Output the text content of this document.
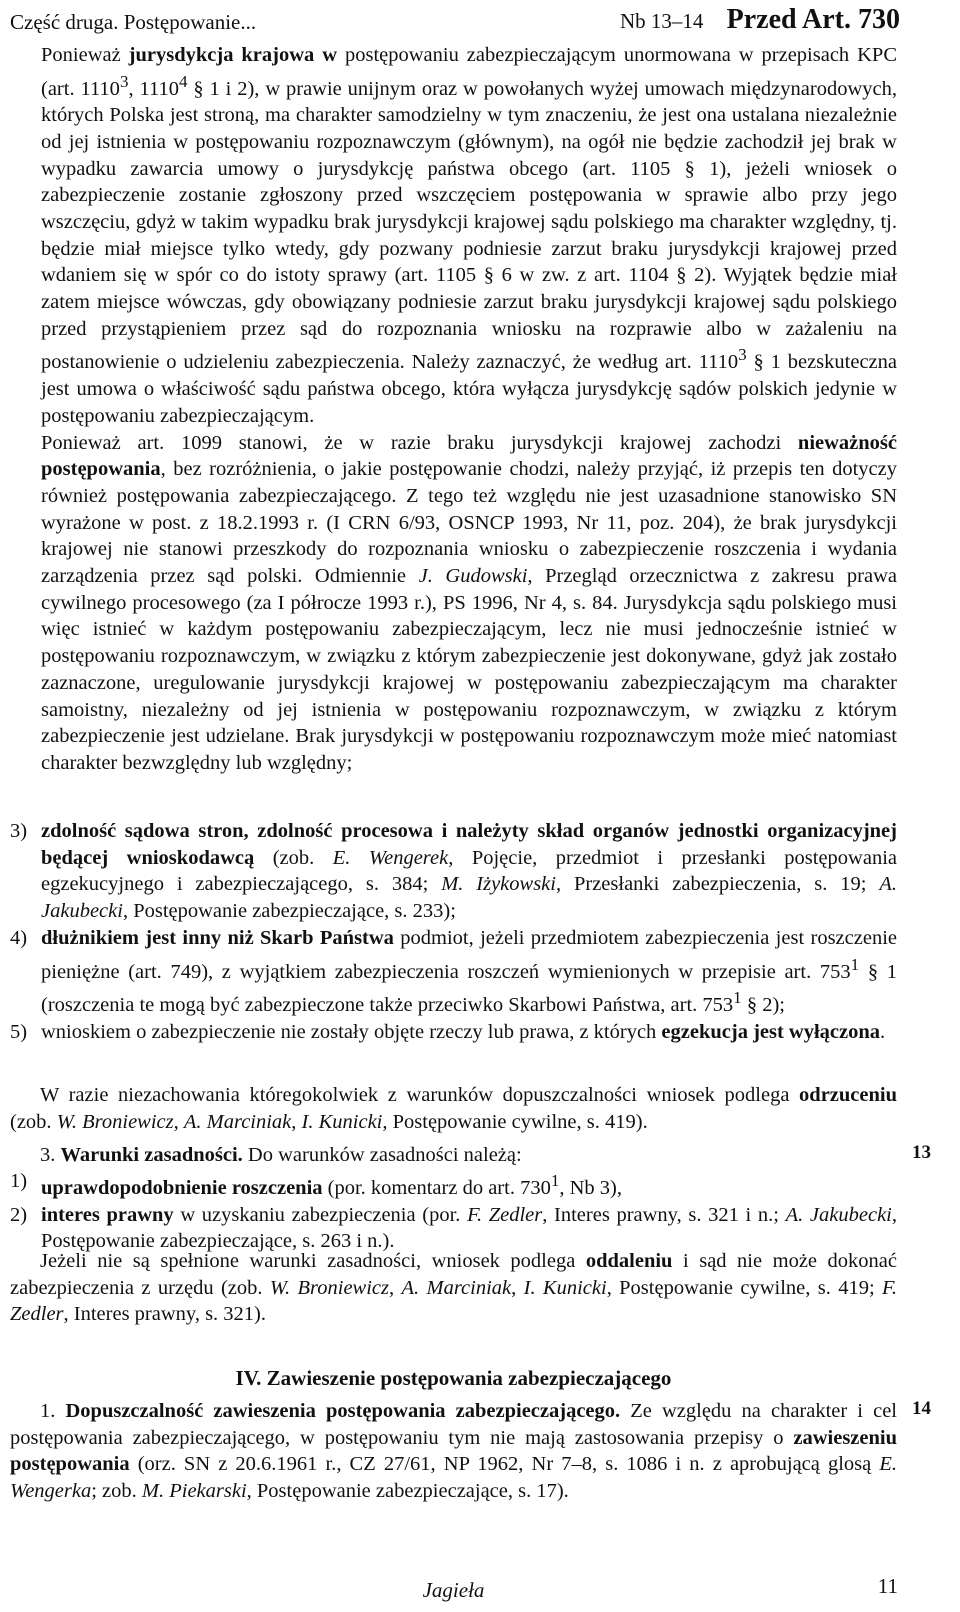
Część druga. Postępowanie...	Nb 13–14 Przed Art. 730
Ponieważ jurysdykcja krajowa w postępowaniu zabezpieczającym unormowana w przepisach KPC (art. 1110$^3$, 1110$^4$ § 1 i 2), w prawie unijnym oraz w powołanych wyżej umowach międzynarodowych, których Polska jest stroną, ma charakter samodzielny w tym znaczeniu, że jest ona ustalana niezależnie od jej istnienia w postępowaniu rozpoznawczym (głównym), na ogół nie będzie zachodził jej brak w wypadku zawarcia umowy o jurysdykcję państwa obcego (art. 1105 § 1), jeżeli wniosek o zabezpieczenie zostanie zgłoszony przed wszczęciem postępowania w sprawie albo przy jego wszczęciu, gdyż w takim wypadku brak jurysdykcji krajowej sądu polskiego ma charakter względny, tj. będzie miał miejsce tylko wtedy, gdy pozwany podniesie zarzut braku jurysdykcji krajowej przed wdaniem się w spór co do istoty sprawy (art. 1105 § 6 w zw. z art. 1104 § 2). Wyjątek będzie miał zatem miejsce wówczas, gdy obowiązany podniesie zarzut braku jurysdykcji krajowej sądu polskiego przed przystąpieniem przez sąd do rozpoznania wniosku na rozprawie albo w zażaleniu na postanowienie o udzieleniu zabezpieczenia. Należy zaznaczyć, że według art. 1110$^3$ § 1 bezskuteczna jest umowa o właściwość sądu państwa obcego, która wyłącza jurysdykcję sądów polskich jedynie w postępowaniu zabezpieczającym.
Ponieważ art. 1099 stanowi, że w razie braku jurysdykcji krajowej zachodzi nieważność postępowania, bez rozróżnienia, o jakie postępowanie chodzi, należy przyjąć, iż przepis ten dotyczy również postępowania zabezpieczającego. Z tego też względu nie jest uzasadnione stanowisko SN wyrażone w post. z 18.2.1993 r. (I CRN 6/93, OSNCP 1993, Nr 11, poz. 204), że brak jurysdykcji krajowej nie stanowi przeszkody do rozpoznania wniosku o zabezpieczenie roszczenia i wydania zarządzenia przez sąd polski. Odmiennie J. Gudowski, Przegląd orzecznictwa z zakresu prawa cywilnego procesowego (za I półrocze 1993 r.), PS 1996, Nr 4, s. 84. Jurysdykcja sądu polskiego musi więc istnieć w każdym postępowaniu zabezpieczającym, lecz nie musi jednocześnie istnieć w postępowaniu rozpoznawczym, w związku z którym zabezpieczenie jest dokonywane, gdyż jak zostało zaznaczone, uregulowanie jurysdykcji krajowej w postępowaniu zabezpieczającym ma charakter samoistny, niezależny od jej istnienia w postępowaniu rozpoznawczym, w związku z którym zabezpieczenie jest udzielane. Brak jurysdykcji w postępowaniu rozpoznawczym może mieć natomiast charakter bezwzględny lub względny;
3) zdolność sądowa stron, zdolność procesowa i należyty skład organów jednostki organizacyjnej będącej wnioskodawcą (zob. E. Wengerek, Pojęcie, przedmiot i przesłanki postępowania egzekucyjnego i zabezpieczającego, s. 384; M. Iżykowski, Przesłanki zabezpieczenia, s. 19; A. Jakubecki, Postępowanie zabezpieczające, s. 233);
4) dłużnikiem jest inny niż Skarb Państwa podmiot, jeżeli przedmiotem zabezpieczenia jest roszczenie pieniężne (art. 749), z wyjątkiem zabezpieczenia roszczeń wymienionych w przepisie art. $753^1$ § 1 (roszczenia te mogą być zabezpieczone także przeciwko Skarbowi Państwa, art. $753^1$ § 2);
5) wnioskiem o zabezpieczenie nie zostały objęte rzeczy lub prawa, z których egzekucja jest wyłączona.
W razie niezachowania któregokolwiek z warunków dopuszczalności wniosek podlega odrzuceniu (zob. W. Broniewicz, A. Marciniak, I. Kunicki, Postępowanie cywilne, s. 419).
13
3. Warunki zasadności. Do warunków zasadności należą:
1) uprawdopodobnienie roszczenia (por. komentarz do art. $730^1$, Nb 3),
2) interes prawny w uzyskaniu zabezpieczenia (por. F. Zedler, Interes prawny, s. 321 i n.; A. Jakubecki, Postępowanie zabezpieczające, s. 263 i n.).
Jeżeli nie są spełnione warunki zasadności, wniosek podlega oddaleniu i sąd nie może dokonać zabezpieczenia z urzędu (zob. W. Broniewicz, A. Marciniak, I. Kunicki, Postępowanie cywilne, s. 419; F. Zedler, Interes prawny, s. 321).
IV. Zawieszenie postępowania zabezpieczającego
14
1. Dopuszczalność zawieszenia postępowania zabezpieczającego. Ze względu na charakter i cel postępowania zabezpieczającego, w postępowaniu tym nie mają zastosowania przepisy o zawieszeniu postępowania (orz. SN z 20.6.1961 r., CZ 27/61, NP 1962, Nr 7–8, s. 1086 i n. z aprobującą glosą E. Wengerka; zob. M. Piekarski, Postępowanie zabezpieczające, s. 17).
Jagieła	11
